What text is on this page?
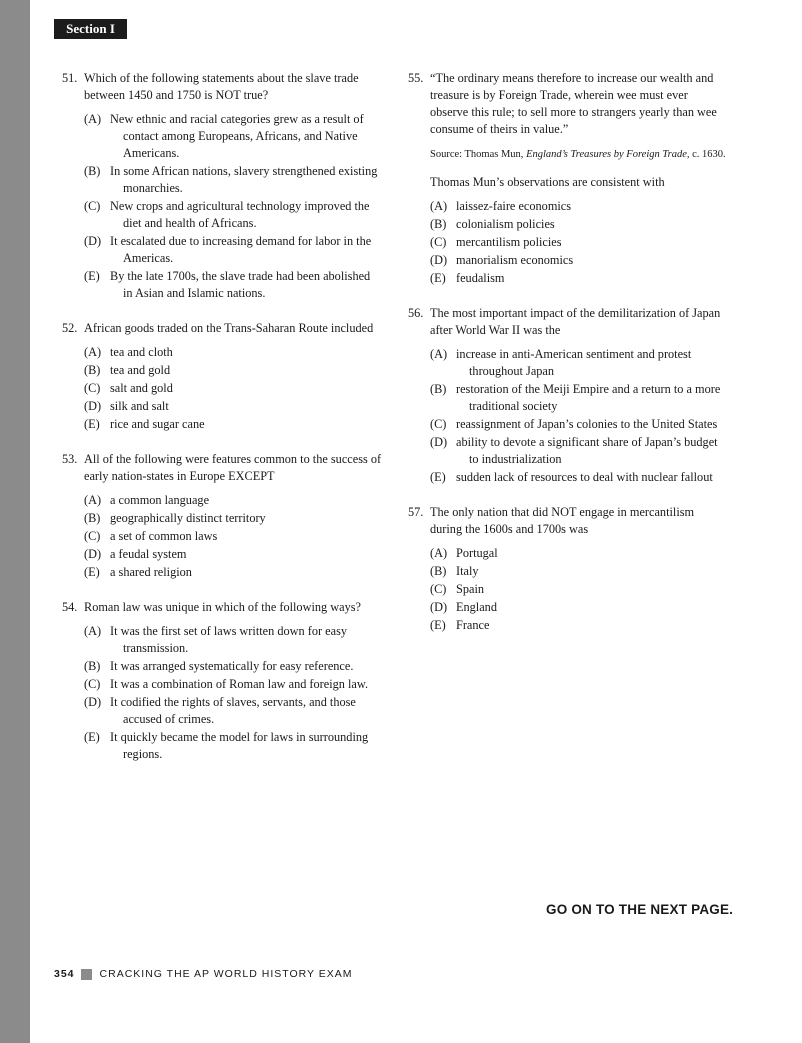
Section I
51. Which of the following statements about the slave trade between 1450 and 1750 is NOT true?
(A) New ethnic and racial categories grew as a result of contact among Europeans, Africans, and Native Americans.
(B) In some African nations, slavery strengthened existing monarchies.
(C) New crops and agricultural technology improved the diet and health of Africans.
(D) It escalated due to increasing demand for labor in the Americas.
(E) By the late 1700s, the slave trade had been abolished in Asian and Islamic nations.
52. African goods traded on the Trans-Saharan Route included
(A) tea and cloth
(B) tea and gold
(C) salt and gold
(D) silk and salt
(E) rice and sugar cane
53. All of the following were features common to the success of early nation-states in Europe EXCEPT
(A) a common language
(B) geographically distinct territory
(C) a set of common laws
(D) a feudal system
(E) a shared religion
54. Roman law was unique in which of the following ways?
(A) It was the first set of laws written down for easy transmission.
(B) It was arranged systematically for easy reference.
(C) It was a combination of Roman law and foreign law.
(D) It codified the rights of slaves, servants, and those accused of crimes.
(E) It quickly became the model for laws in surrounding regions.
55. “The ordinary means therefore to increase our wealth and treasure is by Foreign Trade, wherein wee must ever observe this rule; to sell more to strangers yearly than wee consume of theirs in value.”
Source: Thomas Mun, England’s Treasures by Foreign Trade, c. 1630.
Thomas Mun’s observations are consistent with
(A) laissez-faire economics
(B) colonialism policies
(C) mercantilism policies
(D) manorialism economics
(E) feudalism
56. The most important impact of the demilitarization of Japan after World War II was the
(A) increase in anti-American sentiment and protest throughout Japan
(B) restoration of the Meiji Empire and a return to a more traditional society
(C) reassignment of Japan’s colonies to the United States
(D) ability to devote a significant share of Japan’s budget to industrialization
(E) sudden lack of resources to deal with nuclear fallout
57. The only nation that did NOT engage in mercantilism during the 1600s and 1700s was
(A) Portugal
(B) Italy
(C) Spain
(D) England
(E) France
GO ON TO THE NEXT PAGE.
354 CRACKING THE AP WORLD HISTORY EXAM
